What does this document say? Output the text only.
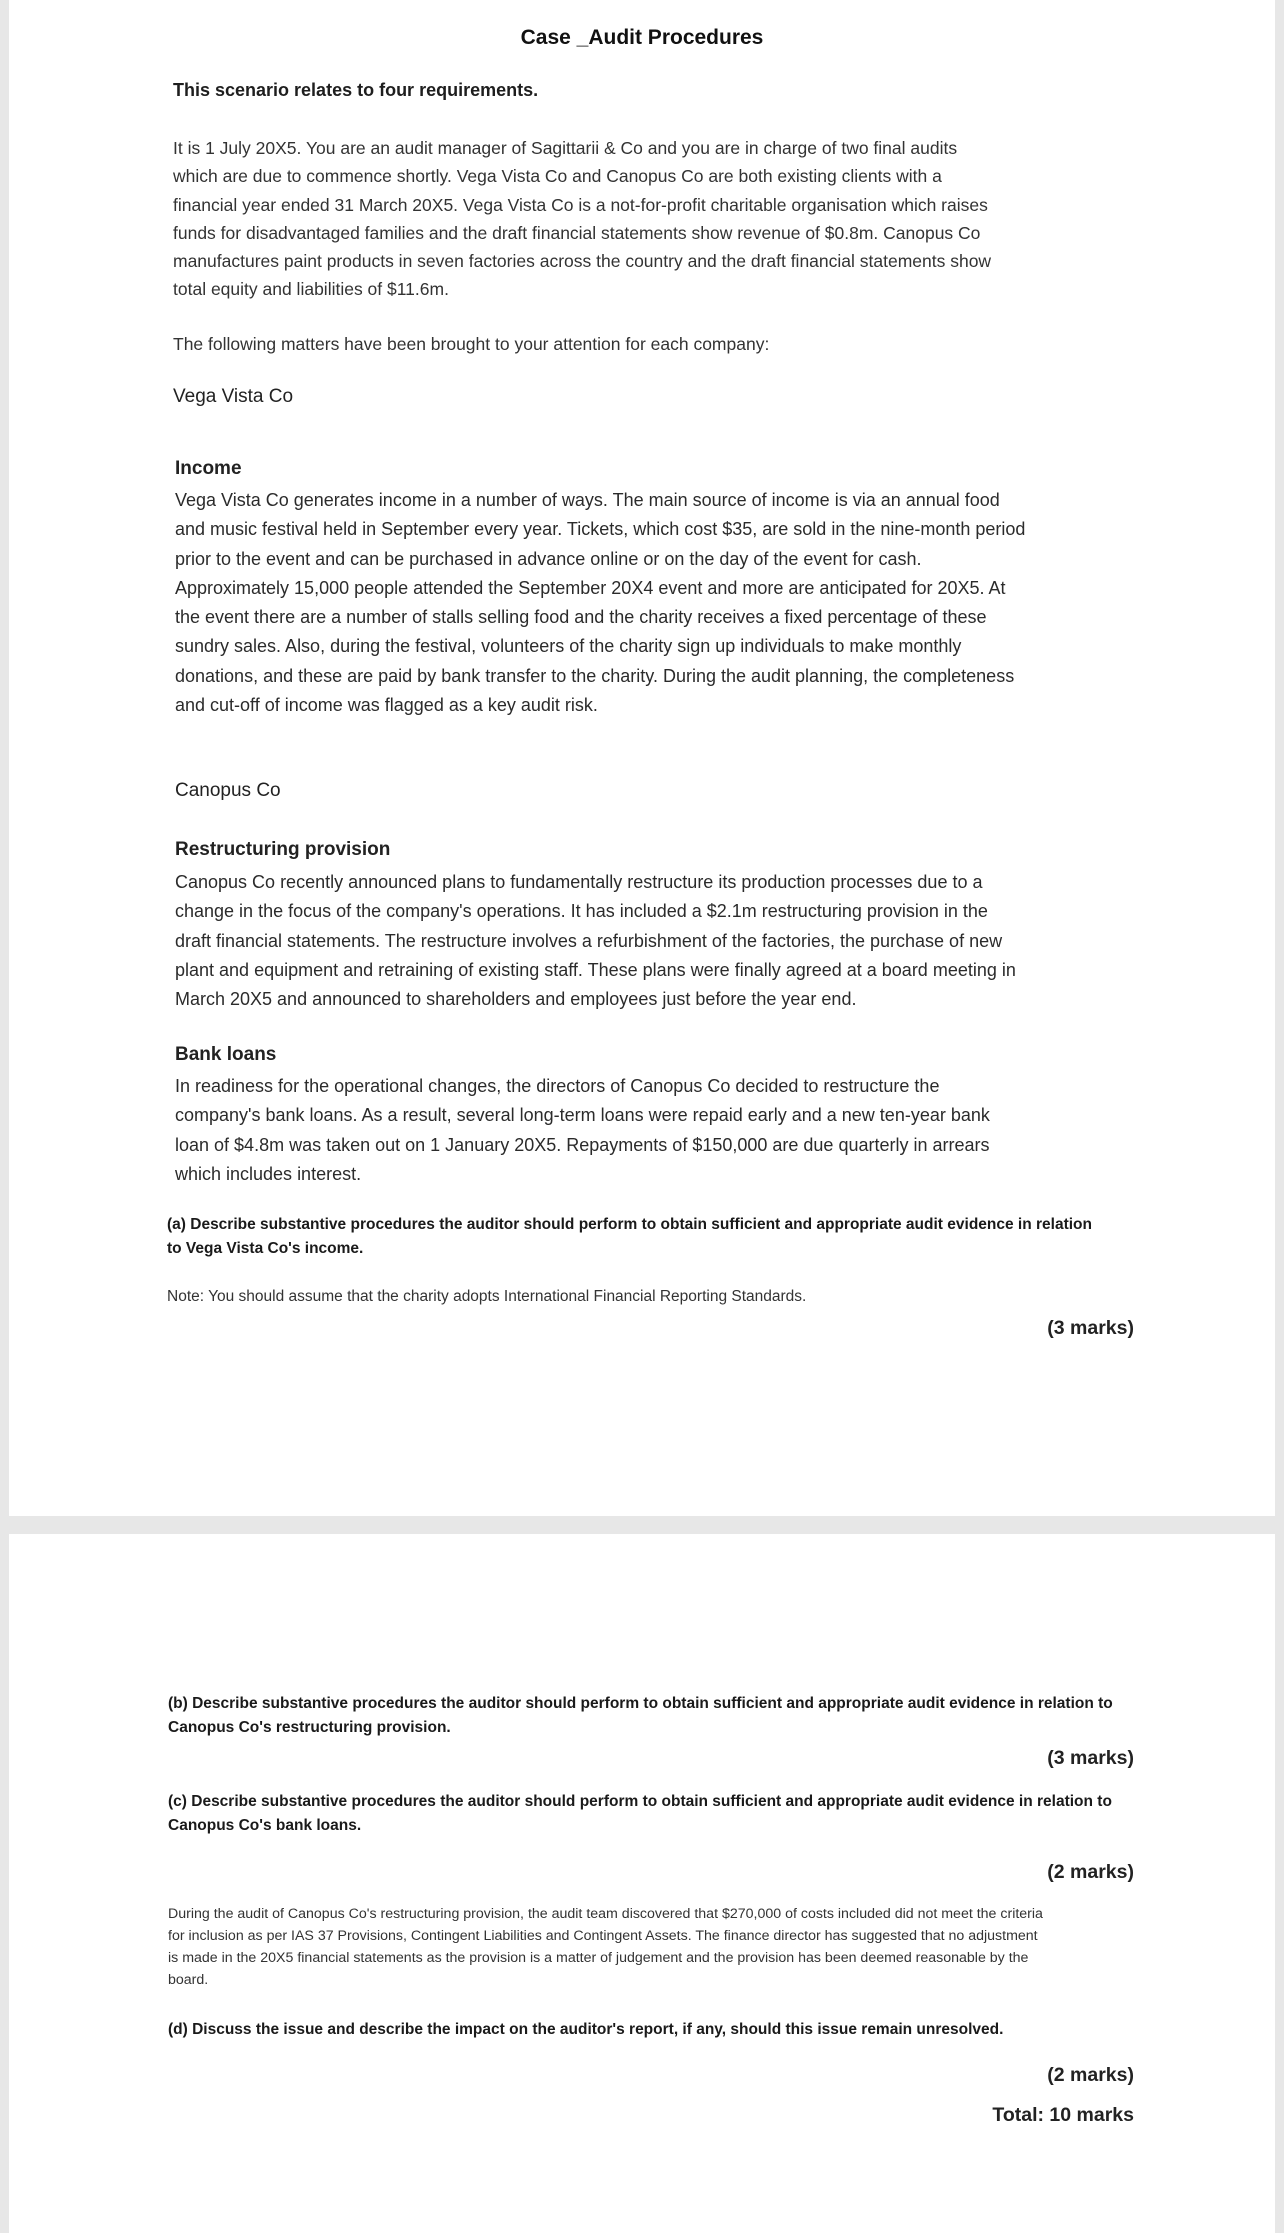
Case _Audit Procedures
This scenario relates to four requirements.
It is 1 July 20X5. You are an audit manager of Sagittarii & Co and you are in charge of two final audits
which are due to commence shortly. Vega Vista Co and Canopus Co are both existing clients with a
financial year ended 31 March 20X5. Vega Vista Co is a not-for-profit charitable organisation which raises
funds for disadvantaged families and the draft financial statements show revenue of $0.8m. Canopus Co
manufactures paint products in seven factories across the country and the draft financial statements show
total equity and liabilities of $11.6m.
The following matters have been brought to your attention for each company:
Vega Vista Co
Income
Vega Vista Co generates income in a number of ways. The main source of income is via an annual food
and music festival held in September every year. Tickets, which cost $35, are sold in the nine-month period
prior to the event and can be purchased in advance online or on the day of the event for cash.
Approximately 15,000 people attended the September 20X4 event and more are anticipated for 20X5. At
the event there are a number of stalls selling food and the charity receives a fixed percentage of these
sundry sales. Also, during the festival, volunteers of the charity sign up individuals to make monthly
donations, and these are paid by bank transfer to the charity. During the audit planning, the completeness
and cut-off of income was flagged as a key audit risk.
Canopus Co
Restructuring provision
Canopus Co recently announced plans to fundamentally restructure its production processes due to a
change in the focus of the company's operations. It has included a $2.1m restructuring provision in the
draft financial statements. The restructure involves a refurbishment of the factories, the purchase of new
plant and equipment and retraining of existing staff. These plans were finally agreed at a board meeting in
March 20X5 and announced to shareholders and employees just before the year end.
Bank loans
In readiness for the operational changes, the directors of Canopus Co decided to restructure the
company's bank loans. As a result, several long-term loans were repaid early and a new ten-year bank
loan of $4.8m was taken out on 1 January 20X5. Repayments of $150,000 are due quarterly in arrears
which includes interest.
(a) Describe substantive procedures the auditor should perform to obtain sufficient and appropriate audit evidence in relation
to Vega Vista Co's income.
Note: You should assume that the charity adopts International Financial Reporting Standards.
(3 marks)
(b) Describe substantive procedures the auditor should perform to obtain sufficient and appropriate audit evidence in relation to
Canopus Co's restructuring provision.
(3 marks)
(c) Describe substantive procedures the auditor should perform to obtain sufficient and appropriate audit evidence in relation to
Canopus Co's bank loans.
(2 marks)
During the audit of Canopus Co's restructuring provision, the audit team discovered that $270,000 of costs included did not meet the criteria
for inclusion as per IAS 37 Provisions, Contingent Liabilities and Contingent Assets. The finance director has suggested that no adjustment
is made in the 20X5 financial statements as the provision is a matter of judgement and the provision has been deemed reasonable by the
board.
(d) Discuss the issue and describe the impact on the auditor's report, if any, should this issue remain unresolved.
(2 marks)
Total: 10 marks
